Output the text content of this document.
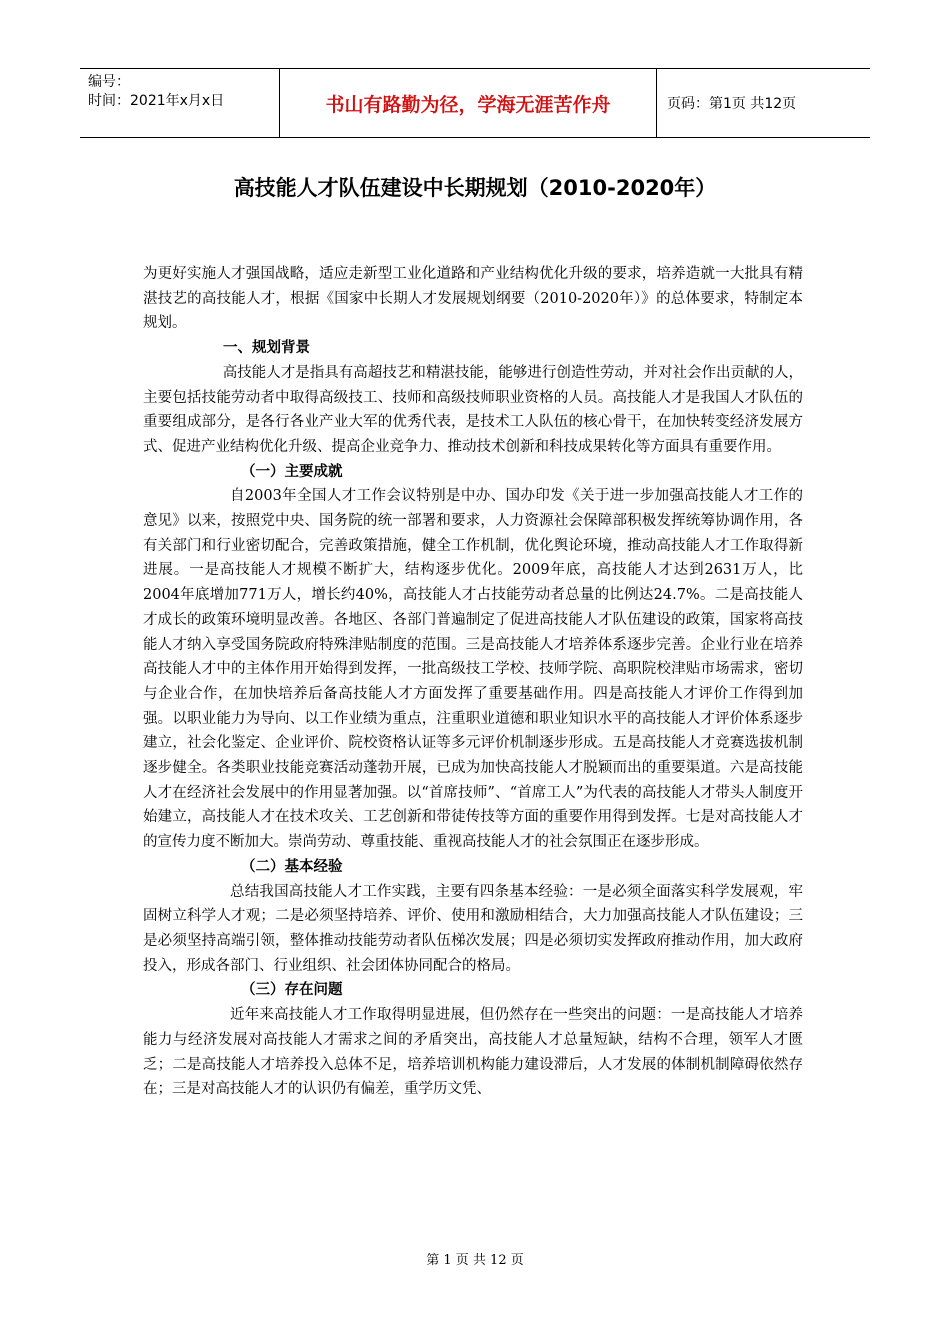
编号：
时间：2021年x月x日	书山有路勤为径，学海无涯苦作舟	页码：第1页 共12页
高技能人才队伍建设中长期规划（2010-2020年）

为更好实施人才强国战略，适应走新型工业化道路和产业结构优化升级的要求，培养造就一大批具有精湛技艺的高技能人才，根据《国家中长期人才发展规划纲要（2010-2020年）》的总体要求，特制定本规划。

一、规划背景

高技能人才是指具有高超技艺和精湛技能，能够进行创造性劳动，并对社会作出贡献的人，主要包括技能劳动者中取得高级技工、技师和高级技师职业资格的人员。高技能人才是我国人才队伍的重要组成部分，是各行各业产业大军的优秀代表，是技术工人队伍的核心骨干，在加快转变经济发展方式、促进产业结构优化升级、提高企业竞争力、推动技术创新和科技成果转化等方面具有重要作用。

（一）主要成就

自2003年全国人才工作会议特别是中办、国办印发《关于进一步加强高技能人才工作的意见》以来，按照党中央、国务院的统一部署和要求，人力资源社会保障部积极发挥统筹协调作用，各有关部门和行业密切配合，完善政策措施，健全工作机制，优化舆论环境，推动高技能人才工作取得新进展。一是高技能人才规模不断扩大，结构逐步优化。2009年底，高技能人才达到2631万人，比2004年底增加771万人，增长约40%，高技能人才占技能劳动者总量的比例达24.7%。二是高技能人才成长的政策环境明显改善。各地区、各部门普遍制定了促进高技能人才队伍建设的政策，国家将高技能人才纳入享受国务院政府特殊津贴制度的范围。三是高技能人才培养体系逐步完善。企业行业在培养高技能人才中的主体作用开始得到发挥，一批高级技工学校、技师学院、高职院校津贴市场需求，密切与企业合作，在加快培养后备高技能人才方面发挥了重要基础作用。四是高技能人才评价工作得到加强。以职业能力为导向、以工作业绩为重点，注重职业道德和职业知识水平的高技能人才评价体系逐步建立，社会化鉴定、企业评价、院校资格认证等多元评价机制逐步形成。五是高技能人才竞赛选拔机制逐步健全。各类职业技能竞赛活动蓬勃开展，已成为加快高技能人才脱颖而出的重要渠道。六是高技能人才在经济社会发展中的作用显著加强。以“首席技师”、“首席工人”为代表的高技能人才带头人制度开始建立，高技能人才在技术攻关、工艺创新和带徒传技等方面的重要作用得到发挥。七是对高技能人才的宣传力度不断加大。崇尚劳动、尊重技能、重视高技能人才的社会氛围正在逐步形成。

（二）基本经验

总结我国高技能人才工作实践，主要有四条基本经验：一是必须全面落实科学发展观，牢固树立科学人才观；二是必须坚持培养、评价、使用和激励相结合，大力加强高技能人才队伍建设；三是必须坚持高端引领，整体推动技能劳动者队伍梯次发展；四是必须切实发挥政府推动作用，加大政府投入，形成各部门、行业组织、社会团体协同配合的格局。

（三）存在问题

近年来高技能人才工作取得明显进展，但仍然存在一些突出的问题：一是高技能人才培养能力与经济发展对高技能人才需求之间的矛盾突出，高技能人才总量短缺，结构不合理，领军人才匮乏；二是高技能人才培养投入总体不足，培养培训机构能力建设滞后，人才发展的体制机制障碍依然存在；三是对高技能人才的认识仍有偏差，重学历文凭、

第 1 页 共 12 页
